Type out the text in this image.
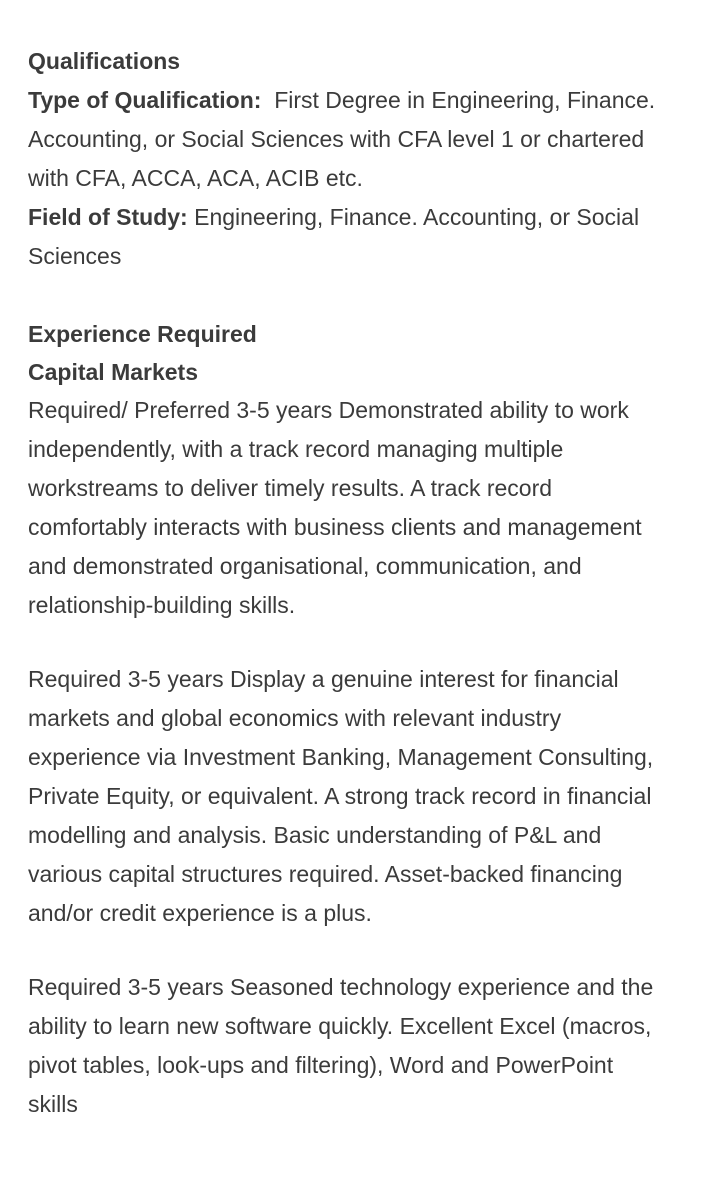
Qualifications

Type of Qualification: First Degree in Engineering, Finance. Accounting, or Social Sciences with CFA level 1 or chartered with CFA, ACCA, ACA, ACIB etc.

Field of Study: Engineering, Finance. Accounting, or Social Sciences

Experience Required

Capital Markets

Required/ Preferred 3-5 years Demonstrated ability to work independently, with a track record managing multiple workstreams to deliver timely results. A track record comfortably interacts with business clients and management and demonstrated organisational, communication, and relationship-building skills.

Required 3-5 years Display a genuine interest for financial markets and global economics with relevant industry experience via Investment Banking, Management Consulting, Private Equity, or equivalent. A strong track record in financial modelling and analysis. Basic understanding of P&L and various capital structures required. Asset-backed financing and/or credit experience is a plus.

Required 3-5 years Seasoned technology experience and the ability to learn new software quickly. Excellent Excel (macros, pivot tables, look-ups and filtering), Word and PowerPoint skills
